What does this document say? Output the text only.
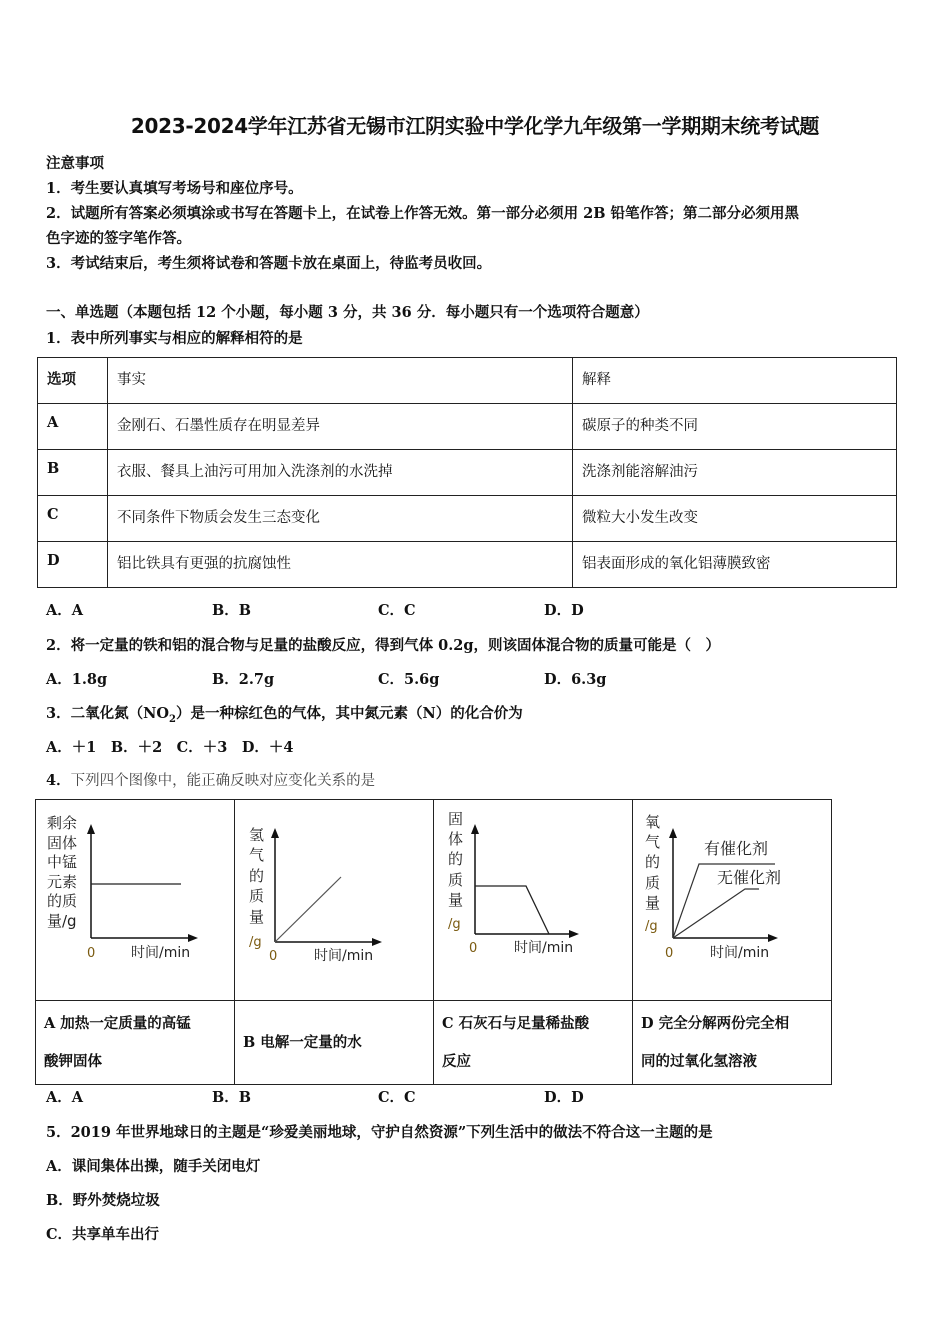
2023-2024学年江苏省无锡市江阴实验中学化学九年级第一学期期末统考试题
注意事项
1．考生要认真填写考场号和座位序号。
2．试题所有答案必须填涂或书写在答题卡上，在试卷上作答无效。第一部分必须用 2B 铅笔作答；第二部分必须用黑
色字迹的签字笔作答。
3．考试结束后，考生须将试卷和答题卡放在桌面上，待监考员收回。
一、单选题（本题包括 12 个小题，每小题 3 分，共 36 分．每小题只有一个选项符合题意）
1．表中所列事实与相应的解释相符的是
选项	事实	解释
A	金刚石、石墨性质存在明显差异	碳原子的种类不同
B	衣服、餐具上油污可用加入洗涤剂的水洗掉	洗涤剂能溶解油污
C	不同条件下物质会发生三态变化	微粒大小发生改变
D	铝比铁具有更强的抗腐蚀性	铝表面形成的氧化铝薄膜致密
A．A	B．B	C．C	D．D
2．将一定量的铁和铝的混合物与足量的盐酸反应，得到气体 0.2g，则该固体混合物的质量可能是（　）
A．1.8g	B．2.7g	C．5.6g	D．6.3g
3．二氧化氮$(NO_2)$是一种棕红色的气体，其中氮元素（N）的化合价为
A．＋1　B．＋2　C．＋3　D．＋4
4．下列四个图像中，能正确反映对应变化关系的是
剩余
固体
中锰
元素
的质
量/g
0	时间/min

氢
气
的
质
量
/g
0	时间/min

固
体
的
质
量
/g
0	时间/min

氧
气
的
质
量
/g
0	时间/min
有催化剂
无催化剂

A 加热一定质量的高锰
酸钾固体

B 电解一定量的水

C 石灰石与足量稀盐酸
反应

D 完全分解两份完全相
同的过氧化氢溶液
A．A	B．B	C．C	D．D
5．2019 年世界地球日的主题是“珍爱美丽地球，守护自然资源”下列生活中的做法不符合这一主题的是
A．课间集体出操，随手关闭电灯
B．野外焚烧垃圾
C．共享单车出行
